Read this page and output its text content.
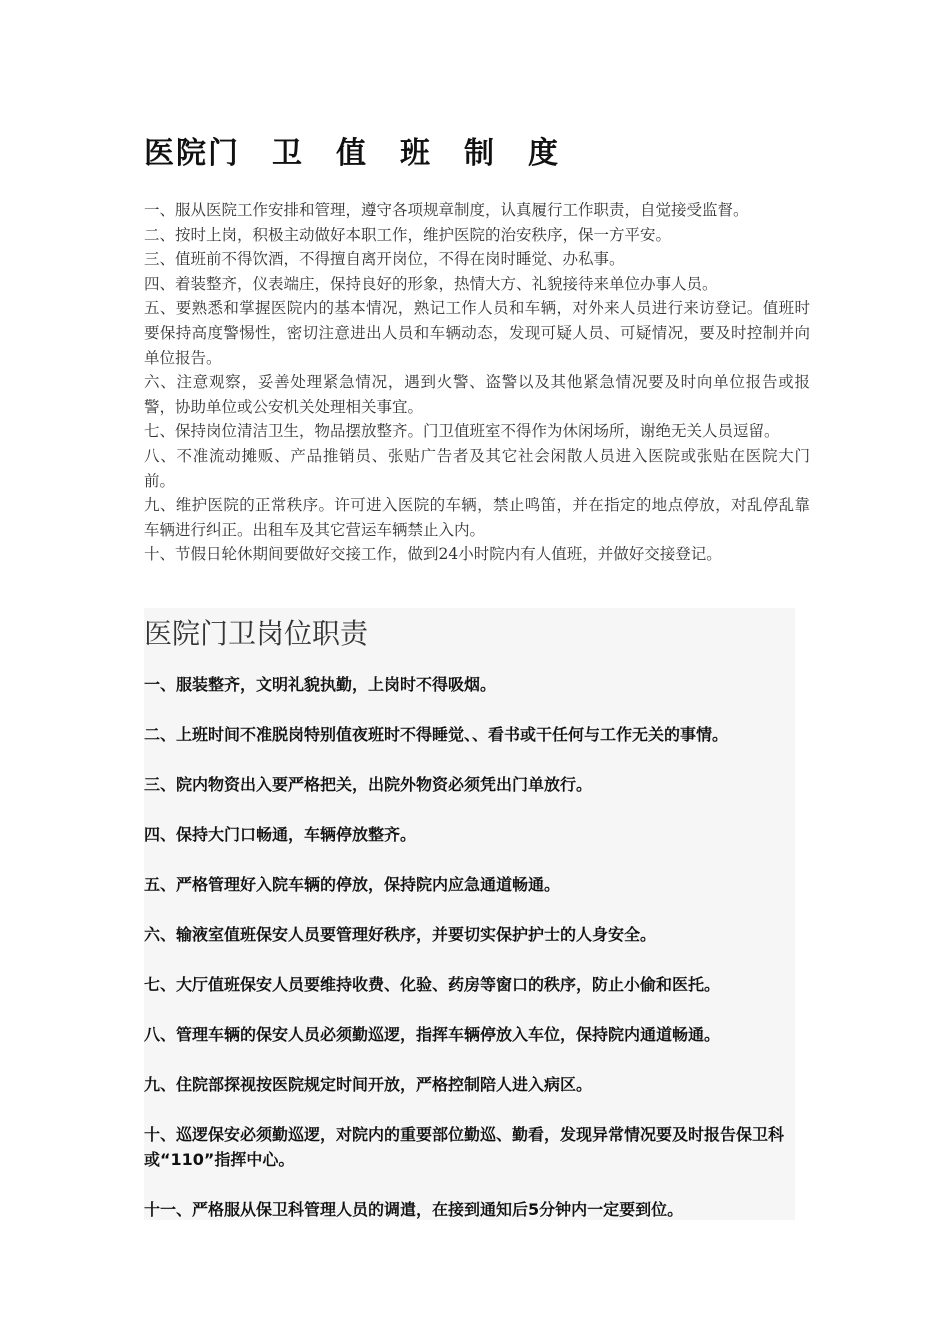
医院门　卫　值　班　制　度

一、服从医院工作安排和管理，遵守各项规章制度，认真履行工作职责，自觉接受监督。

二、按时上岗，积极主动做好本职工作，维护医院的治安秩序，保一方平安。

三、值班前不得饮酒，不得擅自离开岗位，不得在岗时睡觉、办私事。

四、着装整齐，仪表端庄，保持良好的形象，热情大方、礼貌接待来单位办事人员。

五、要熟悉和掌握医院内的基本情况，熟记工作人员和车辆，对外来人员进行来访登记。值班时要保持高度警惕性，密切注意进出人员和车辆动态，发现可疑人员、可疑情况，要及时控制并向单位报告。

六、注意观察，妥善处理紧急情况，遇到火警、盗警以及其他紧急情况要及时向单位报告或报警，协助单位或公安机关处理相关事宜。

七、保持岗位清洁卫生，物品摆放整齐。门卫值班室不得作为休闲场所，谢绝无关人员逗留。

八、不准流动摊贩、产品推销员、张贴广告者及其它社会闲散人员进入医院或张贴在医院大门前。

九、维护医院的正常秩序。许可进入医院的车辆，禁止鸣笛，并在指定的地点停放，对乱停乱靠车辆进行纠正。出租车及其它营运车辆禁止入内。

十、节假日轮休期间要做好交接工作，做到24小时院内有人值班，并做好交接登记。

医院门卫岗位职责

一、服装整齐，文明礼貌执勤，上岗时不得吸烟。

二、上班时间不准脱岗特别值夜班时不得睡觉、、看书或干任何与工作无关的事情。

三、院内物资出入要严格把关，出院外物资必须凭出门单放行。

四、保持大门口畅通，车辆停放整齐。

五、严格管理好入院车辆的停放，保持院内应急通道畅通。

六、输液室值班保安人员要管理好秩序，并要切实保护护士的人身安全。

七、大厅值班保安人员要维持收费、化验、药房等窗口的秩序，防止小偷和医托。

八、管理车辆的保安人员必须勤巡逻，指挥车辆停放入车位，保持院内通道畅通。

九、住院部探视按医院规定时间开放，严格控制陪人进入病区。

十、巡逻保安必须勤巡逻，对院内的重要部位勤巡、勤看，发现异常情况要及时报告保卫科或“110”指挥中心。

十一、严格服从保卫科管理人员的调遣，在接到通知后5分钟内一定要到位。
